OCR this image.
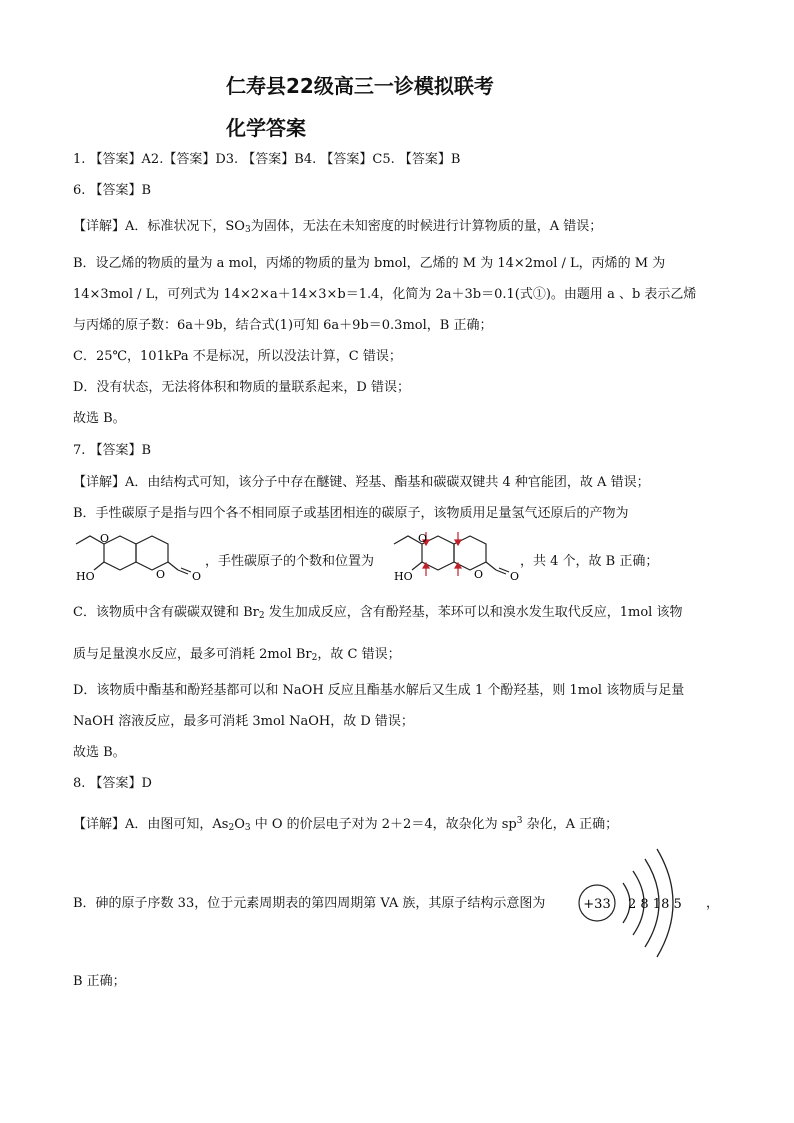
仁寿县22级高三一诊模拟联考
化学答案
1. 【答案】A2.【答案】D3. 【答案】B4. 【答案】C5. 【答案】B
6. 【答案】B
【详解】A．标准状况下，$SO_3$为固体，无法在未知密度的时候进行计算物质的量，A 错误；
B．设乙烯的物质的量为 a mol，丙烯的物质的量为 bmol，乙烯的 M 为 14×2mol / L，丙烯的 M 为
14×3mol / L，可列式为 14×2×a＋14×3×b＝1.4，化简为 2a＋3b＝0.1(式①)。由题用 a 、b 表示乙烯
与丙烯的原子数：6a＋9b，结合式(1)可知 6a＋9b＝0.3mol，B 正确；
C．25℃，101kPa 不是标况，所以没法计算，C 错误；
D．没有状态，无法将体积和物质的量联系起来，D 错误；
故选 B。
7. 【答案】B
【详解】A．由结构式可知，该分子中存在醚键、羟基、酯基和碳碳双键共 4 种官能团，故 A 错误；
B．手性碳原子是指与四个各不相同原子或基团相连的碳原子，该物质用足量氢气还原后的产物为
O
HO	O O
，手性碳原子的个数和位置为
O
HO	O O
，共 4 个，故 B 正确；
C．该物质中含有碳碳双键和 $Br_2$ 发生加成反应，含有酚羟基，苯环可以和溴水发生取代反应，1mol 该物
质与足量溴水反应，最多可消耗 2mol $Br_2$，故 C 错误；
D．该物质中酯基和酚羟基都可以和 NaOH 反应且酯基水解后又生成 1 个酚羟基，则 1mol 该物质与足量
NaOH 溶液反应，最多可消耗 3mol NaOH，故 D 错误；
故选 B。
8. 【答案】D
【详解】A．由图可知，$As_2O_3$ 中 O 的价层电子对为 2＋2＝4，故杂化为 $sp^3$ 杂化，A 正确；
B．砷的原子序数 33，位于元素周期表的第四周期第 VA 族，其原子结构示意图为	+33 2 8 18 5 ，
B 正确；
